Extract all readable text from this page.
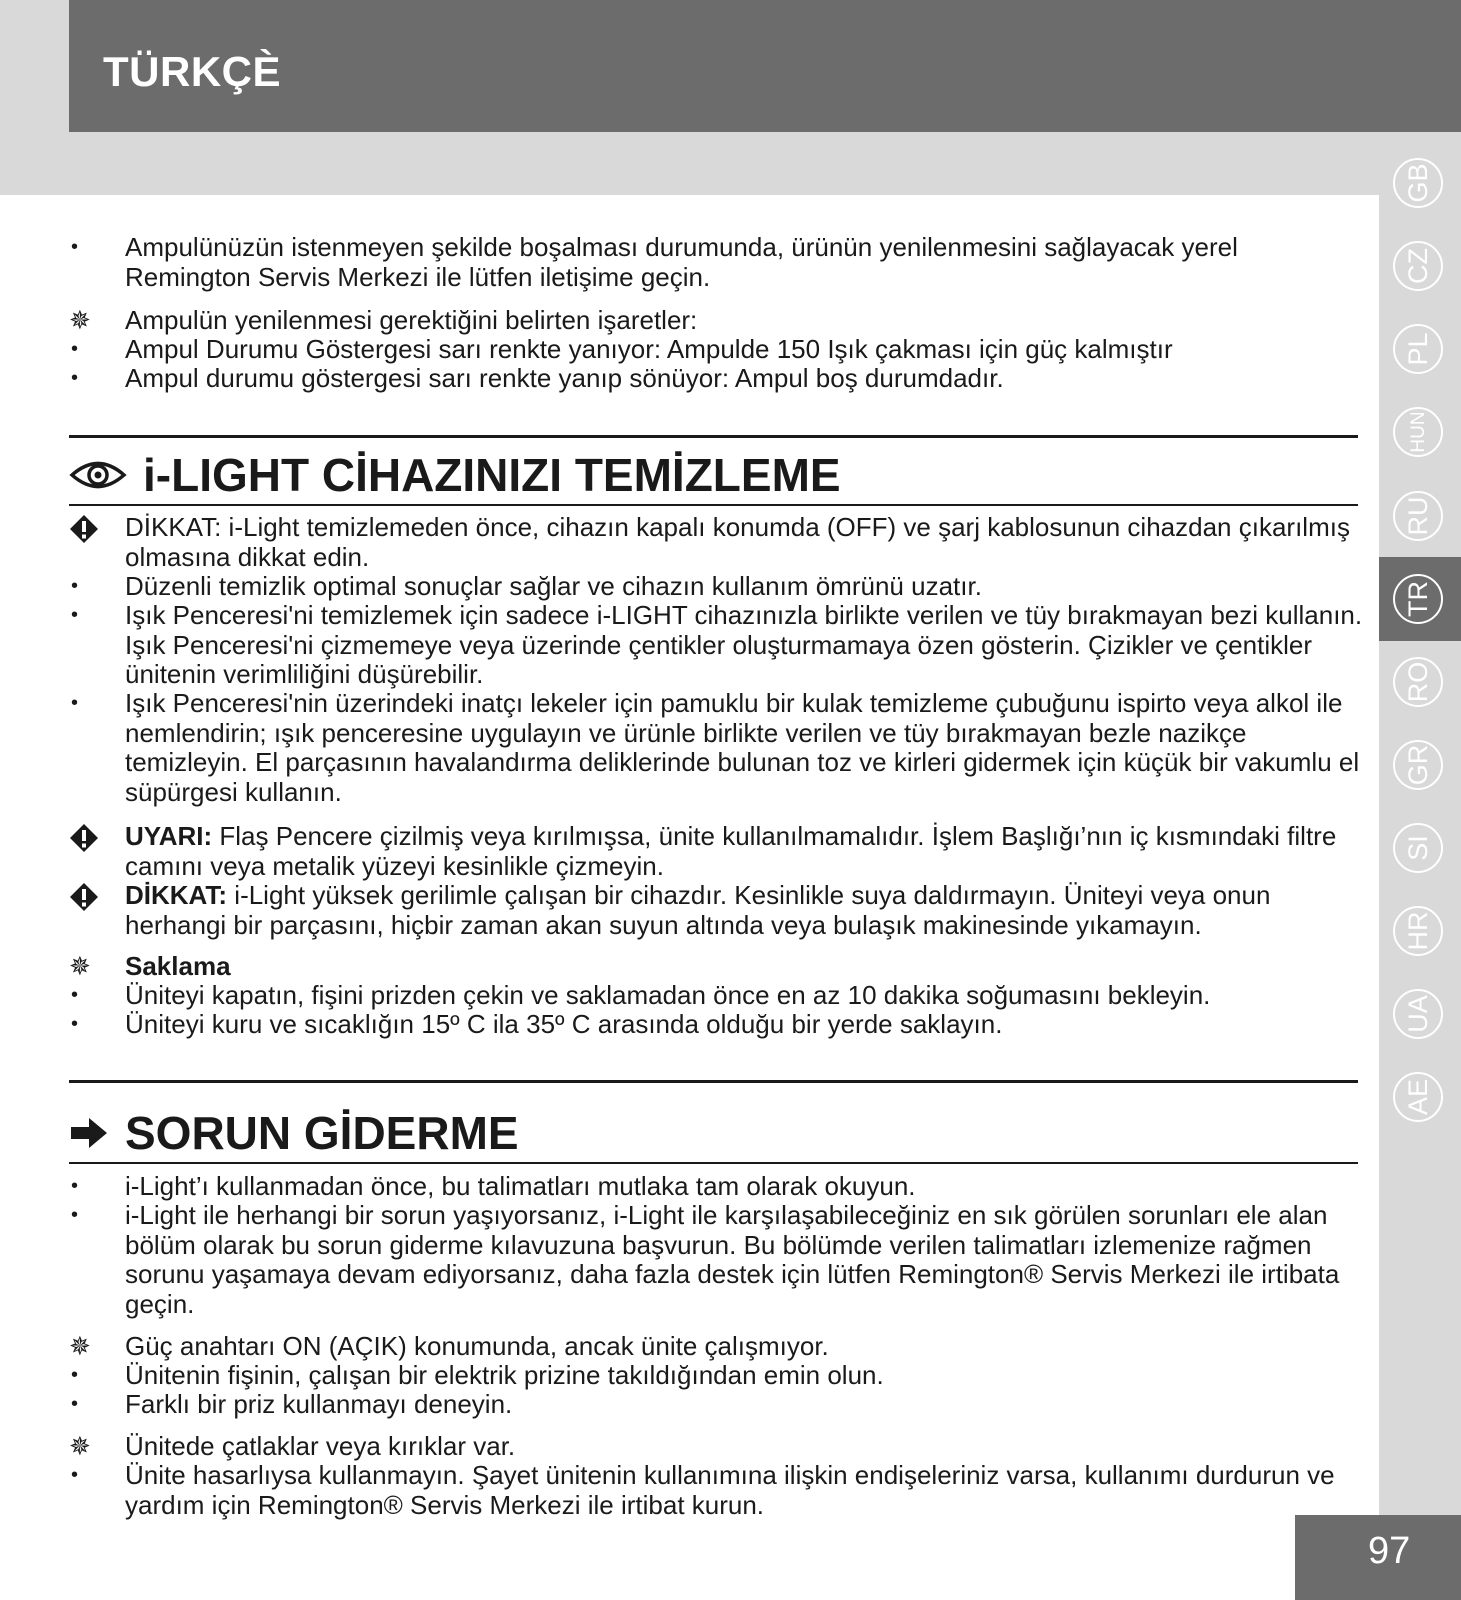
TÜRKÇÈ
GB
CZ
PL
HUN
RU
TR
RO
GR
SI
HR
UA
AE
97
•	Ampulünüzün istenmeyen şekilde boşalması durumunda, ürünün yenilenmesini sağlayacak yerel Remington Servis Merkezi ile lütfen iletişime geçin.
✵	Ampulün yenilenmesi gerektiğini belirten işaretler:
•	Ampul Durumu Göstergesi sarı renkte yanıyor: Ampulde 150 Işık çakması için güç kalmıştır
•	Ampul durumu göstergesi sarı renkte yanıp sönüyor: Ampul boş durumdadır.
i-LIGHT CİHAZINIZI TEMİZLEME
DİKKAT: i-Light temizlemeden önce, cihazın kapalı konumda (OFF) ve şarj kablosunun cihazdan çıkarılmış olmasına dikkat edin.
•	Düzenli temizlik optimal sonuçlar sağlar ve cihazın kullanım ömrünü uzatır.
•	Işık Penceresi'ni temizlemek için sadece i-LIGHT cihazınızla birlikte verilen ve tüy bırakmayan bezi kullanın. Işık Penceresi'ni çizmemeye veya üzerinde çentikler oluşturmamaya özen gösterin. Çizikler ve çentikler ünitenin verimliliğini düşürebilir.
•	Işık Penceresi'nin üzerindeki inatçı lekeler için pamuklu bir kulak temizleme çubuğunu ispirto veya alkol ile nemlendirin; ışık penceresine uygulayın ve ürünle birlikte verilen ve tüy bırakmayan bezle nazikçe temizleyin. El parçasının havalandırma deliklerinde bulunan toz ve kirleri gidermek için küçük bir vakumlu el süpürgesi kullanın.
UYARI: Flaş Pencere çizilmiş veya kırılmışsa, ünite kullanılmamalıdır. İşlem Başlığı’nın iç kısmındaki filtre camını veya metalik yüzeyi kesinlikle çizmeyin.
DİKKAT: i-Light yüksek gerilimle çalışan bir cihazdır. Kesinlikle suya daldırmayın. Üniteyi veya onun herhangi bir parçasını, hiçbir zaman akan suyun altında veya bulaşık makinesinde yıkamayın.
✵	Saklama
•	Üniteyi kapatın, fişini prizden çekin ve saklamadan önce en az 10 dakika soğumasını bekleyin.
•	Üniteyi kuru ve sıcaklığın 15º C ila 35º C arasında olduğu bir yerde saklayın.
SORUN GİDERME
•	i-Light’ı kullanmadan önce, bu talimatları mutlaka tam olarak okuyun.
•	i-Light ile herhangi bir sorun yaşıyorsanız, i-Light ile karşılaşabileceğiniz en sık görülen sorunları ele alan bölüm olarak bu sorun giderme kılavuzuna başvurun. Bu bölümde verilen talimatları izlemenize rağmen sorunu yaşamaya devam ediyorsanız, daha fazla destek için lütfen Remington® Servis Merkezi ile irtibata geçin.
✵	Güç anahtarı ON (AÇIK) konumunda, ancak ünite çalışmıyor.
•	Ünitenin fişinin, çalışan bir elektrik prizine takıldığından emin olun.
•	Farklı bir priz kullanmayı deneyin.
✵	Ünitede çatlaklar veya kırıklar var.
•	Ünite hasarlıysa kullanmayın. Şayet ünitenin kullanımına ilişkin endişeleriniz varsa, kullanımı durdurun ve yardım için Remington® Servis Merkezi ile irtibat kurun.
